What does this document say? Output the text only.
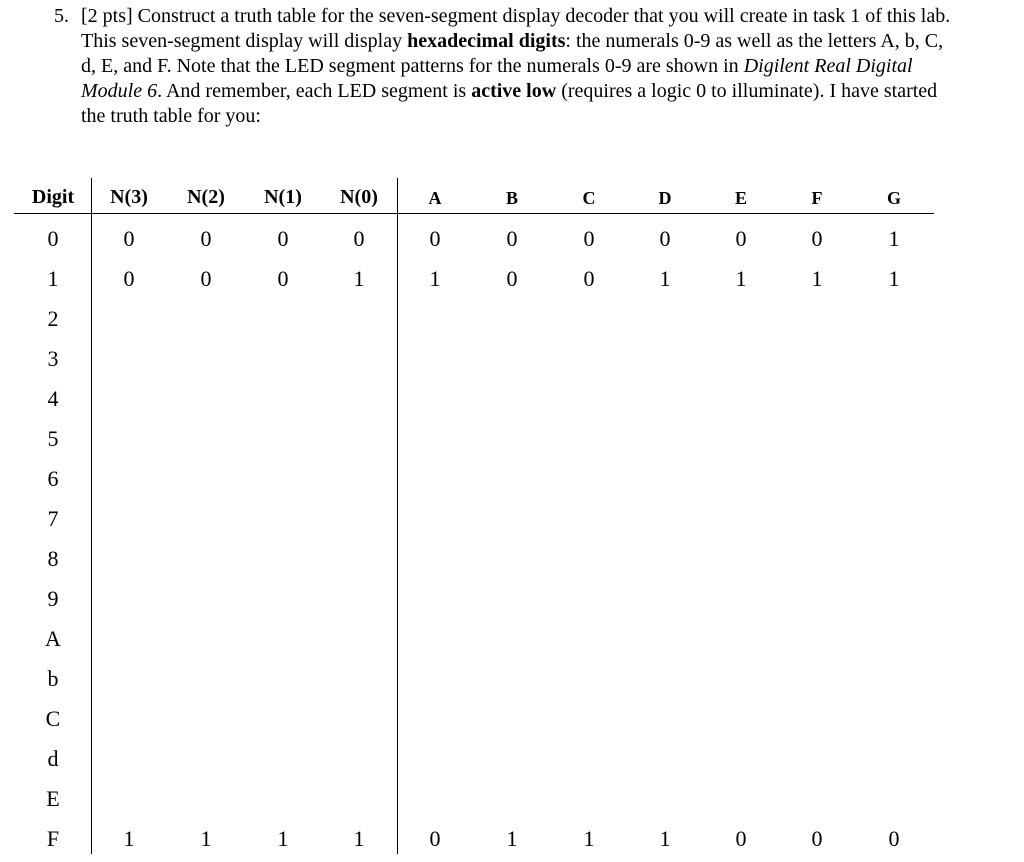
5. [2 pts] Construct a truth table for the seven-segment display decoder that you will create in task 1 of this lab. This seven-segment display will display hexadecimal digits: the numerals 0-9 as well as the letters A, b, C, d, E, and F. Note that the LED segment patterns for the numerals 0-9 are shown in Digilent Real Digital Module 6. And remember, each LED segment is active low (requires a logic 0 to illuminate). I have started the truth table for you:
Digit N(3) N(2) N(1) N(0)	A	B	C	D	E	F	G
0	0	0	0	0	0	0	0	0	0	0	1
1	0	0	0	1	1	0	0	1	1	1	1
2
3
4
5
6
7
8
9
A
b
C
d
E
F	1	1	1	1	0	1	1	1	0	0	0
